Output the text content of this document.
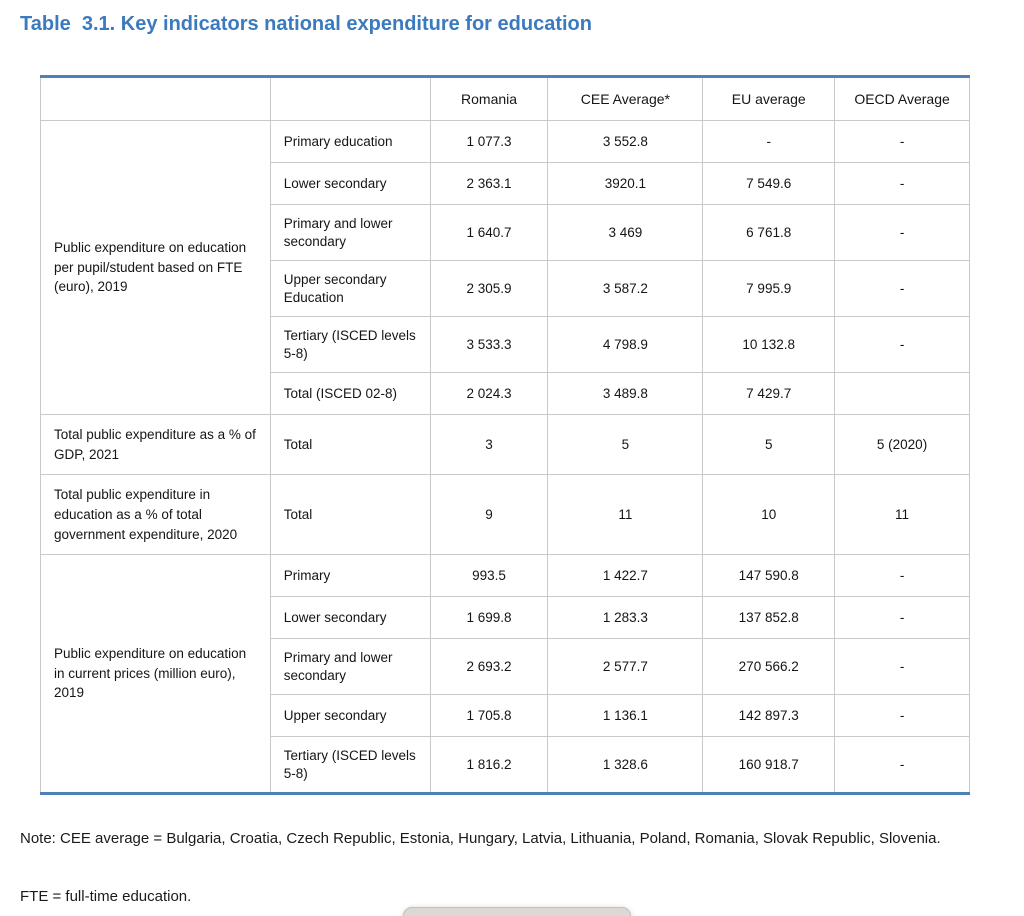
Table  3.1. Key indicators national expenditure for education
		Romania	CEE Average*	EU average	OECD Average
Public expenditure on education per pupil/student based on FTE (euro), 2019	Primary education	1 077.3	3 552.8	-	-
	Lower secondary	2 363.1	3920.1	7 549.6	-
	Primary and lower secondary	1 640.7	3 469	6 761.8	-
	Upper secondary Education	2 305.9	3 587.2	7 995.9	-
	Tertiary (ISCED levels 5-8)	3 533.3	4 798.9	10 132.8	-
	Total (ISCED 02-8)	2 024.3	3 489.8	7 429.7	
Total public expenditure as a % of GDP, 2021	Total	3	5	5	5 (2020)
Total public expenditure in education as a % of total government expenditure, 2020	Total	9	11	10	11
Public expenditure on education in current prices (million euro), 2019	Primary	993.5	1 422.7	147 590.8	-
	Lower secondary	1 699.8	1 283.3	137 852.8	-
	Primary and lower secondary	2 693.2	2 577.7	270 566.2	-
	Upper secondary	1 705.8	1 136.1	142 897.3	-
	Tertiary (ISCED levels 5-8)	1 816.2	1 328.6	160 918.7	-

Note: CEE average = Bulgaria, Croatia, Czech Republic, Estonia, Hungary, Latvia, Lithuania, Poland, Romania, Slovak Republic, Slovenia.

FTE = full-time education.
